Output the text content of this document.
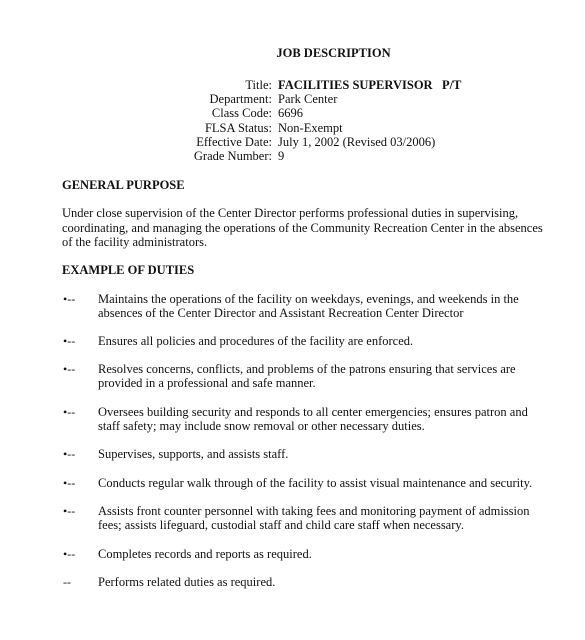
JOB DESCRIPTION
Title: FACILITIES SUPERVISOR   P/T
Department: Park Center
Class Code: 6696
FLSA Status: Non-Exempt
Effective Date: July 1, 2002 (Revised 03/2006)
Grade Number: 9
GENERAL PURPOSE
Under close supervision of the Center Director performs professional duties in supervising,
coordinating, and managing the operations of the Community Recreation Center in the absences
of the facility administrators.
EXAMPLE OF DUTIES
•-- Maintains the operations of the facility on weekdays, evenings, and weekends in the
absences of the Center Director and Assistant Recreation Center Director
•-- Ensures all policies and procedures of the facility are enforced.
•-- Resolves concerns, conflicts, and problems of the patrons ensuring that services are
provided in a professional and safe manner.
•-- Oversees building security and responds to all center emergencies; ensures patron and
staff safety; may include snow removal or other necessary duties.
•-- Supervises, supports, and assists staff.
•-- Conducts regular walk through of the facility to assist visual maintenance and security.
•-- Assists front counter personnel with taking fees and monitoring payment of admission
fees; assists lifeguard, custodial staff and child care staff when necessary.
•-- Completes records and reports as required.
-- Performs related duties as required.
